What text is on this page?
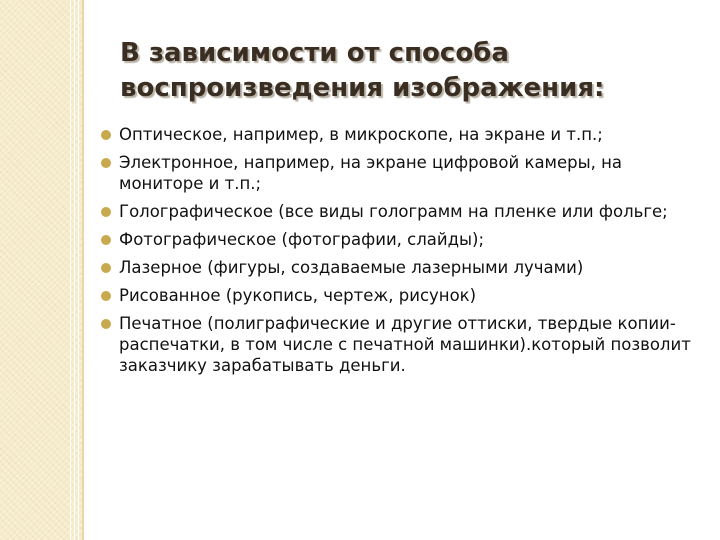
В зависимости от способа воспроизведения изображения:
Оптическое, например, в микроскопе, на экране и т.п.;
Электронное, например, на экране цифровой камеры, на мониторе и т.п.;
Голографическое (все виды голограмм на пленке или фольге;
Фотографическое (фотографии, слайды);
Лазерное (фигуры, создаваемые лазерными лучами)
Рисованное (рукопись, чертеж, рисунок)
Печатное (полиграфические и другие оттиски, твердые копии-распечатки, в том числе с печатной машинки).который позволит заказчику зарабатывать деньги.
